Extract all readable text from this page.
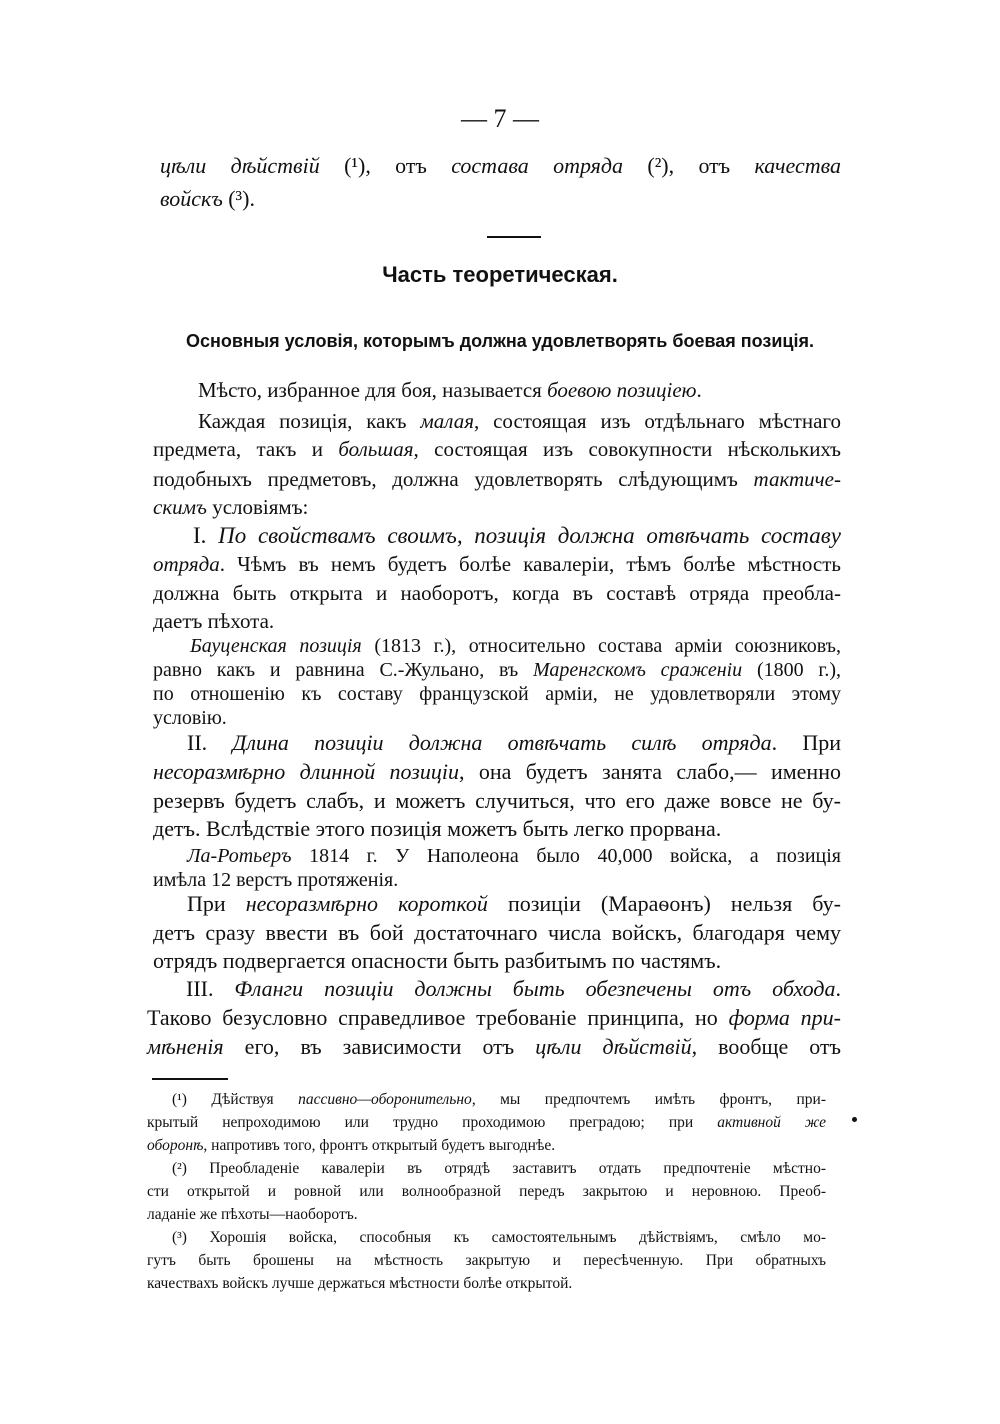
— 7 —
цѣли дѣйствій (¹), отъ состава отряда (²), отъ качества
войскъ (³).
Часть теоретическая.
Основныя условія, которымъ должна удовлетворять боевая позиція.
Мѣсто, избранное для боя, называется боевою позиціею.
Каждая позиція, какъ малая, состоящая изъ отдѣльнаго мѣстнаго
предмета, такъ и большая, состоящая изъ совокупности нѣсколькихъ
подобныхъ предметовъ, должна удовлетворять слѣдующимъ тактиче-
скимъ условіямъ:
I. По свойствамъ своимъ, позиція должна отвѣчать составу
отряда. Чѣмъ въ немъ будетъ болѣе кавалеріи, тѣмъ болѣе мѣстность
должна быть открыта и наоборотъ, когда въ составѣ отряда преобла-
даетъ пѣхота.
Бауценская позиція (1813 г.), относительно состава арміи союзниковъ,
равно какъ и равнина С.-Жульано, въ Маренгскомъ сраженіи (1800 г.),
по отношенію къ составу французской арміи, не удовлетворяли этому
условію.
II. Длина позиціи должна отвѣчать силѣ отряда. При
несоразмѣрно длинной позиціи, она будетъ занята слабо,— именно
резервъ будетъ слабъ, и можетъ случиться, что его даже вовсе не бу-
детъ. Вслѣдствіе этого позиція можетъ быть легко прорвана.
Ла-Ротьеръ 1814 г. У Наполеона было 40,000 войска, а позиція
имѣла 12 верстъ протяженія.
При несоразмѣрно короткой позиціи (Мараѳонъ) нельзя бу-
детъ сразу ввести въ бой достаточнаго числа войскъ, благодаря чему
отрядъ подвергается опасности быть разбитымъ по частямъ.
III. Фланги позиціи должны быть обезпечены отъ обхода.
Таково безусловно справедливое требованіе принципа, но форма при-
мѣненія его, въ зависимости отъ цѣли дѣйствій, вообще отъ
(¹) Дѣйствуя пассивно—оборонительно, мы предпочтемъ имѣть фронтъ, при-
крытый непроходимою или трудно проходимою преградою; при активной же
оборонѣ, напротивъ того, фронтъ открытый будетъ выгоднѣе.
(²) Преобладеніе кавалеріи въ отрядѣ заставитъ отдать предпочтеніе мѣстно-
сти открытой и ровной или волнообразной передъ закрытою и неровною. Преоб-
ладаніе же пѣхоты—наоборотъ.
(³) Хорошія войска, способныя къ самостоятельнымъ дѣйствіямъ, смѣло мо-
гутъ быть брошены на мѣстность закрытую и пересѣченную. При обратныхъ
качествахъ войскъ лучше держаться мѣстности болѣе открытой.
